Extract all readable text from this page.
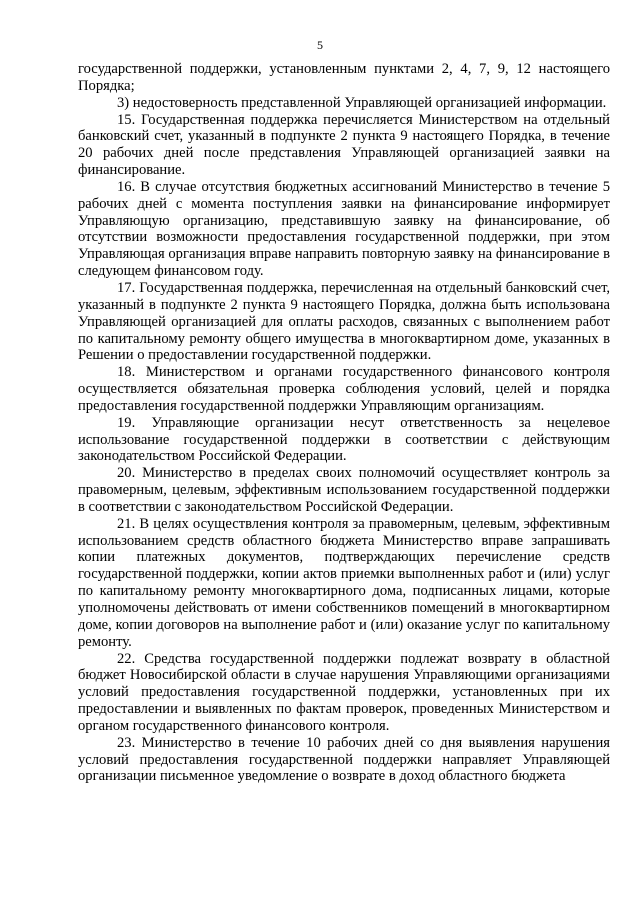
5

государственной поддержки, установленным пунктами 2, 4, 7, 9, 12 настоящего Порядка;

3) недостоверность представленной Управляющей организацией информации.

15. Государственная поддержка перечисляется Министерством на отдельный банковский счет, указанный в подпункте 2 пункта 9 настоящего Порядка, в течение 20 рабочих дней после представления Управляющей организацией заявки на финансирование.

16. В случае отсутствия бюджетных ассигнований Министерство в течение 5 рабочих дней с момента поступления заявки на финансирование информирует Управляющую организацию, представившую заявку на финансирование, об отсутствии возможности предоставления государственной поддержки, при этом Управляющая организация вправе направить повторную заявку на финансирование в следующем финансовом году.

17. Государственная поддержка, перечисленная на отдельный банковский счет, указанный в подпункте 2 пункта 9 настоящего Порядка, должна быть использована Управляющей организацией для оплаты расходов, связанных с выполнением работ по капитальному ремонту общего имущества в многоквартирном доме, указанных в Решении о предоставлении государственной поддержки.

18. Министерством и органами государственного финансового контроля осуществляется обязательная проверка соблюдения условий, целей и порядка предоставления государственной поддержки Управляющим организациям.

19. Управляющие организации несут ответственность за нецелевое использование государственной поддержки в соответствии с действующим законодательством Российской Федерации.

20. Министерство в пределах своих полномочий осуществляет контроль за правомерным, целевым, эффективным использованием государственной поддержки в соответствии с законодательством Российской Федерации.

21. В целях осуществления контроля за правомерным, целевым, эффективным использованием средств областного бюджета Министерство вправе запрашивать копии платежных документов, подтверждающих перечисление средств государственной поддержки, копии актов приемки выполненных работ и (или) услуг по капитальному ремонту многоквартирного дома, подписанных лицами, которые уполномочены действовать от имени собственников помещений в многоквартирном доме, копии договоров на выполнение работ и (или) оказание услуг по капитальному ремонту.

22. Средства государственной поддержки подлежат возврату в областной бюджет Новосибирской области в случае нарушения Управляющими организациями условий предоставления государственной поддержки, установленных при их предоставлении и выявленных по фактам проверок, проведенных Министерством и органом государственного финансового контроля.

23. Министерство в течение 10 рабочих дней со дня выявления нарушения условий предоставления государственной поддержки направляет Управляющей организации письменное уведомление о возврате в доход областного бюджета
